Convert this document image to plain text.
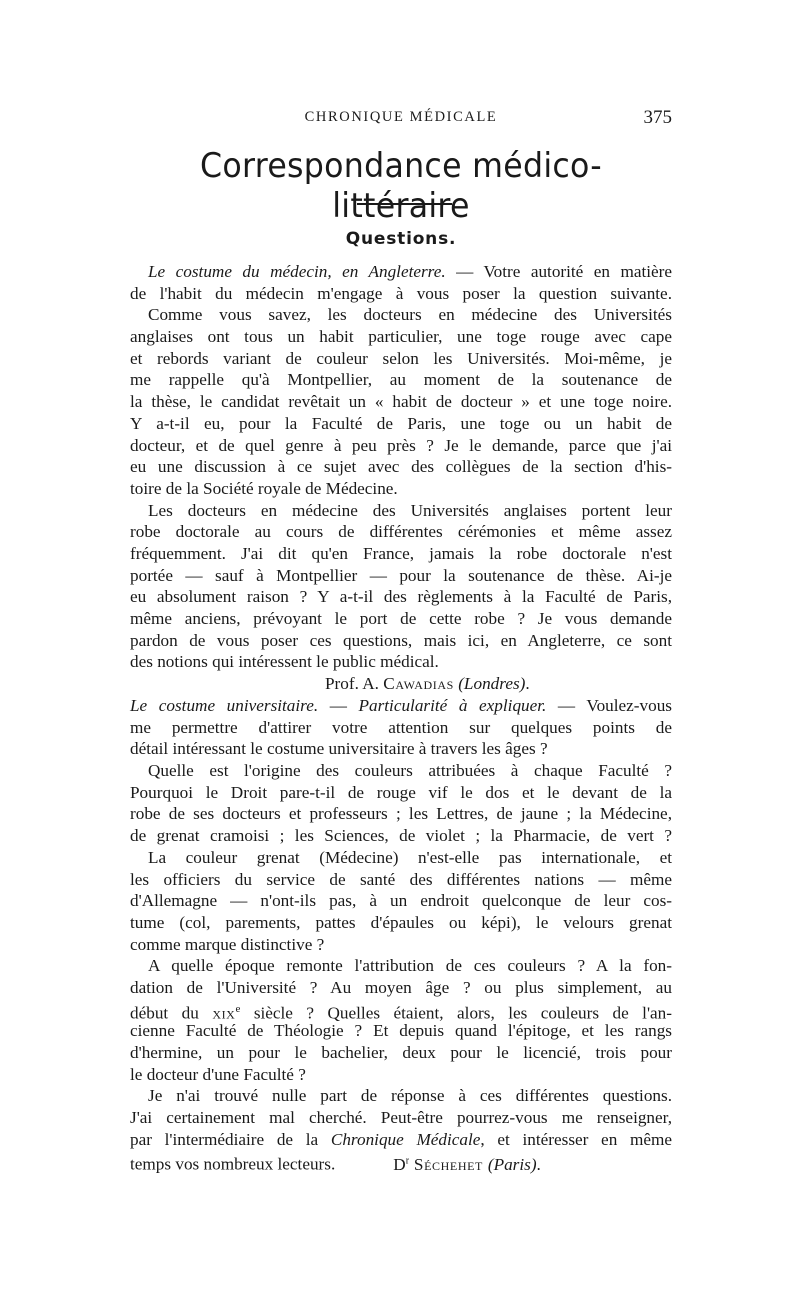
CHRONIQUE MÉDICALE	375
Correspondance médico-littéraire
Questions.
Le costume du médecin, en Angleterre. — Votre autorité en matière
de l'habit du médecin m'engage à vous poser la question suivante.
Comme vous savez, les docteurs en médecine des Universités
anglaises ont tous un habit particulier, une toge rouge avec cape
et rebords variant de couleur selon les Universités. Moi-même, je
me rappelle qu'à Montpellier, au moment de la soutenance de
la thèse, le candidat revêtait un « habit de docteur » et une toge noire.
Y a-t-il eu, pour la Faculté de Paris, une toge ou un habit de
docteur, et de quel genre à peu près ? Je le demande, parce que j'ai
eu une discussion à ce sujet avec des collègues de la section d'his-
toire de la Société royale de Médecine.
Les docteurs en médecine des Universités anglaises portent leur
robe doctorale au cours de différentes cérémonies et même assez
fréquemment. J'ai dit qu'en France, jamais la robe doctorale n'est
portée — sauf à Montpellier — pour la soutenance de thèse. Ai-je
eu absolument raison ? Y a-t-il des règlements à la Faculté de Paris,
même anciens, prévoyant le port de cette robe ? Je vous demande
pardon de vous poser ces questions, mais ici, en Angleterre, ce sont
des notions qui intéressent le public médical.
Prof. A. Cawadias (Londres).
Le costume universitaire. — Particularité à expliquer. — Voulez-vous
me permettre d'attirer votre attention sur quelques points de
détail intéressant le costume universitaire à travers les âges ?
Quelle est l'origine des couleurs attribuées à chaque Faculté ?
Pourquoi le Droit pare-t-il de rouge vif le dos et le devant de la
robe de ses docteurs et professeurs ; les Lettres, de jaune ; la Médecine,
de grenat cramoisi ; les Sciences, de violet ; la Pharmacie, de vert ?
La couleur grenat (Médecine) n'est-elle pas internationale, et
les officiers du service de santé des différentes nations — même
d'Allemagne — n'ont-ils pas, à un endroit quelconque de leur cos-
tume (col, parements, pattes d'épaules ou képi), le velours grenat
comme marque distinctive ?
A quelle époque remonte l'attribution de ces couleurs ? A la fon-
dation de l'Université ? Au moyen âge ? ou plus simplement, au
début du xix$^e$ siècle ? Quelles étaient, alors, les couleurs de l'an-
cienne Faculté de Théologie ? Et depuis quand l'épitoge, et les rangs
d'hermine, un pour le bachelier, deux pour le licencié, trois pour
le docteur d'une Faculté ?
Je n'ai trouvé nulle part de réponse à ces différentes questions.
J'ai certainement mal cherché. Peut-être pourrez-vous me renseigner,
par l'intermédiaire de la Chronique Médicale, et intéresser en même
temps vos nombreux lecteurs.	$D^r$ Séchehet (Paris).
